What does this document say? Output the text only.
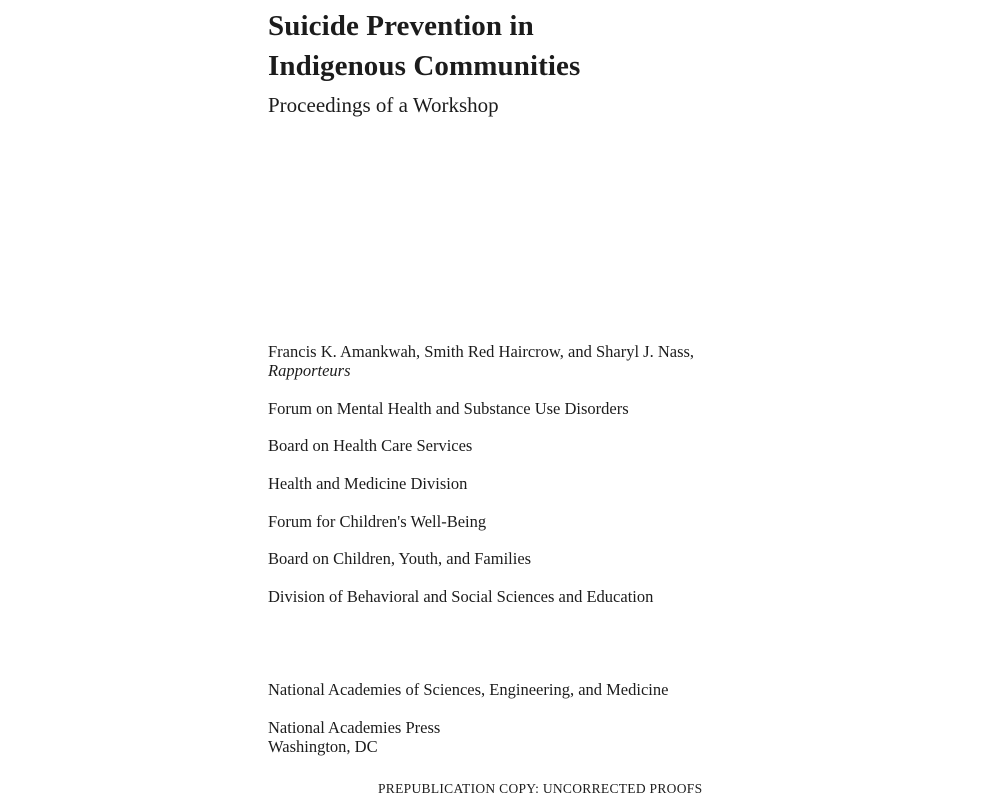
Suicide Prevention in
Indigenous Communities
Proceedings of a Workshop
Francis K. Amankwah, Smith Red Haircrow, and Sharyl J. Nass,
Rapporteurs
Forum on Mental Health and Substance Use Disorders
Board on Health Care Services
Health and Medicine Division
Forum for Children's Well-Being
Board on Children, Youth, and Families
Division of Behavioral and Social Sciences and Education
National Academies of Sciences, Engineering, and Medicine
National Academies Press
Washington, DC
PREPUBLICATION COPY: UNCORRECTED PROOFS
